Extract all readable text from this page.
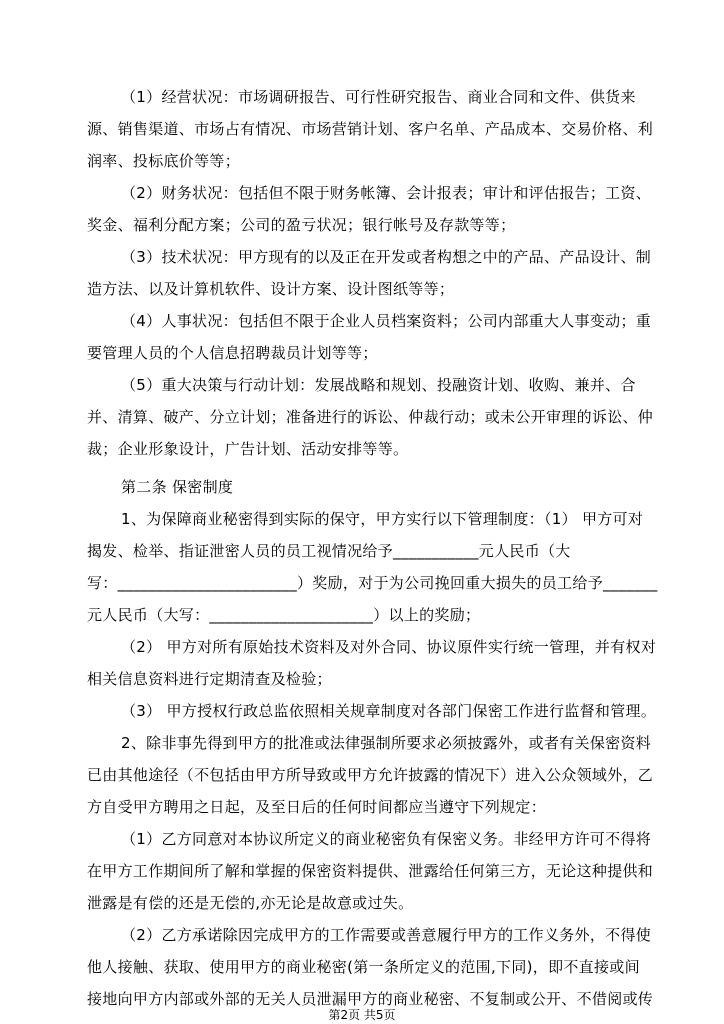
（1）经营状况：市场调研报告、可行性研究报告、商业合同和文件、供货来
源、销售渠道、市场占有情况、市场营销计划、客户名单、产品成本、交易价格、利
润率、投标底价等等；
（2）财务状况：包括但不限于财务帐簿、会计报表；审计和评估报告；工资、
奖金、福利分配方案；公司的盈亏状况；银行帐号及存款等等；
（3）技术状况：甲方现有的以及正在开发或者构想之中的产品、产品设计、制
造方法、以及计算机软件、设计方案、设计图纸等等；
（4）人事状况：包括但不限于企业人员档案资料；公司内部重大人事变动；重
要管理人员的个人信息招聘裁员计划等等；
（5）重大决策与行动计划：发展战略和规划、投融资计划、收购、兼并、合
并、清算、破产、分立计划；准备进行的诉讼、仲裁行动；或未公开审理的诉讼、仲
裁；企业形象设计，广告计划、活动安排等等。
第二条 保密制度
1、为保障商业秘密得到实际的保守，甲方实行以下管理制度：（1） 甲方可对
揭发、检举、指证泄密人员的员工视情况给予___________元人民币（大
写：_______________________）奖励，对于为公司挽回重大损失的员工给予_______
元人民币（大写：_____________________）以上的奖励；
（2） 甲方对所有原始技术资料及对外合同、协议原件实行统一管理，并有权对
相关信息资料进行定期清查及检验；
（3） 甲方授权行政总监依照相关规章制度对各部门保密工作进行监督和管理。
2、除非事先得到甲方的批准或法律强制所要求必须披露外，或者有关保密资料
已由其他途径（不包括由甲方所导致或甲方允许披露的情况下）进入公众领域外，乙
方自受甲方聘用之日起，及至日后的任何时间都应当遵守下列规定：
（1）乙方同意对本协议所定义的商业秘密负有保密义务。非经甲方许可不得将
在甲方工作期间所了解和掌握的保密资料提供、泄露给任何第三方，无论这种提供和
泄露是有偿的还是无偿的,亦无论是故意或过失。
（2）乙方承诺除因完成甲方的工作需要或善意履行甲方的工作义务外，不得使
他人接触、获取、使用甲方的商业秘密(第一条所定义的范围,下同)，即不直接或间
接地向甲方内部或外部的无关人员泄漏甲方的商业秘密、不复制或公开、不借阅或传
第2页 共5页
